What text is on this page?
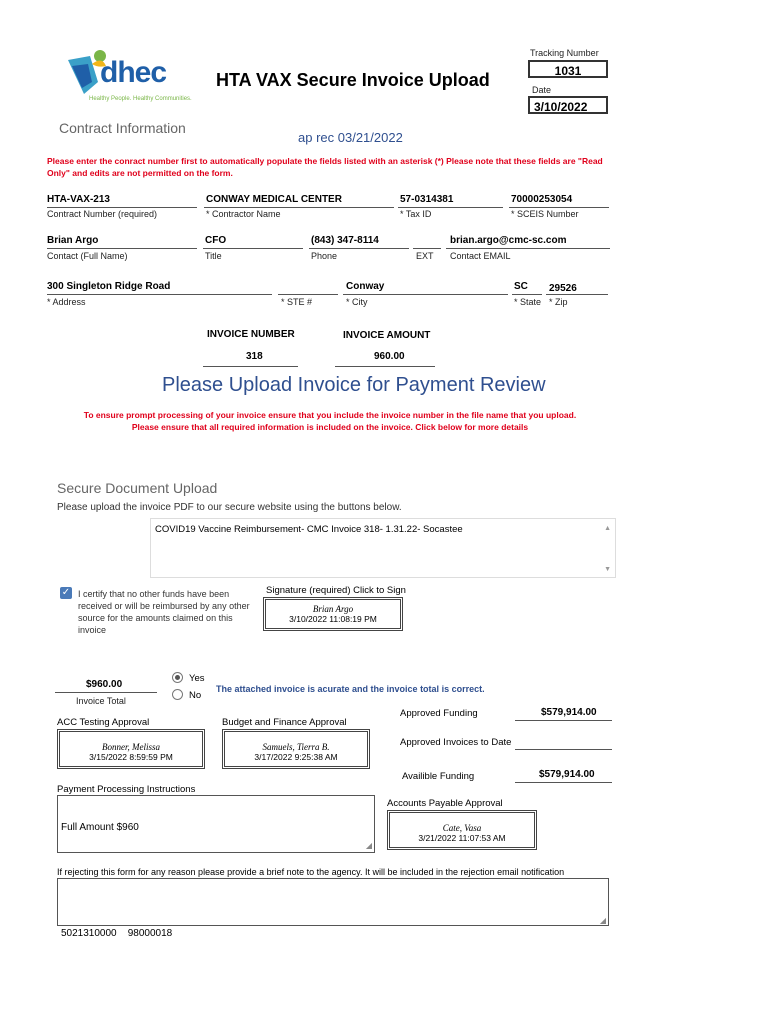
dhec
Healthy People. Healthy Communities.
HTA VAX Secure Invoice Upload
Tracking Number
1031
Date
3/10/2022
Contract Information
ap rec 03/21/2022
Please enter the conract number first to automatically populate the fields listed with an asterisk (*) Please note that these fields are "Read Only" and edits are not permitted on the form.
HTA-VAX-213
Contract Number (required)
CONWAY MEDICAL CENTER
* Contractor Name
57-0314381
* Tax ID
70000253054
* SCEIS Number
Brian Argo
Contact (Full Name)
CFO
Title
(843) 347-8114
Phone	EXT
brian.argo@cmc-sc.com
Contact EMAIL
300 Singleton Ridge Road
* Address	* STE #
Conway
* City
SC
* State
29526
* Zip
INVOICE NUMBER
318
INVOICE AMOUNT
960.00
Please Upload Invoice for Payment Review
To ensure prompt processing of your invoice ensure that you include the invoice number in the file name that you upload.
Please ensure that all required information is included on the invoice. Click below for more details
Secure Document Upload
Please upload the invoice PDF to our secure website using the buttons below.
COVID19 Vaccine Reimbursement- CMC Invoice 318- 1.31.22- Socastee	▲
▼
✓ I certify that no other funds have been received or will be reimbursed by any other source for the amounts claimed on this invoice
Signature (required) Click to Sign
Brian Argo
3/10/2022 11:08:19 PM
$960.00
Invoice Total
Yes
No
The attached invoice is acurate and the invoice total is correct.
ACC Testing Approval
Bonner, Melissa
3/15/2022 8:59:59 PM
Budget and Finance Approval
Samuels, Tierra B.
3/17/2022 9:25:38 AM
Approved Funding	$579,914.00
Approved Invoices to Date
Availible Funding	$579,914.00
Accounts Payable Approval
Cate, Vasa
3/21/2022 11:07:53 AM
Payment Processing Instructions

Full Amount $960

5021310000    98000018

◢

If rejecting this form for any reason please provide a brief note to the agency. It will be included in the rejection email notification
◢
